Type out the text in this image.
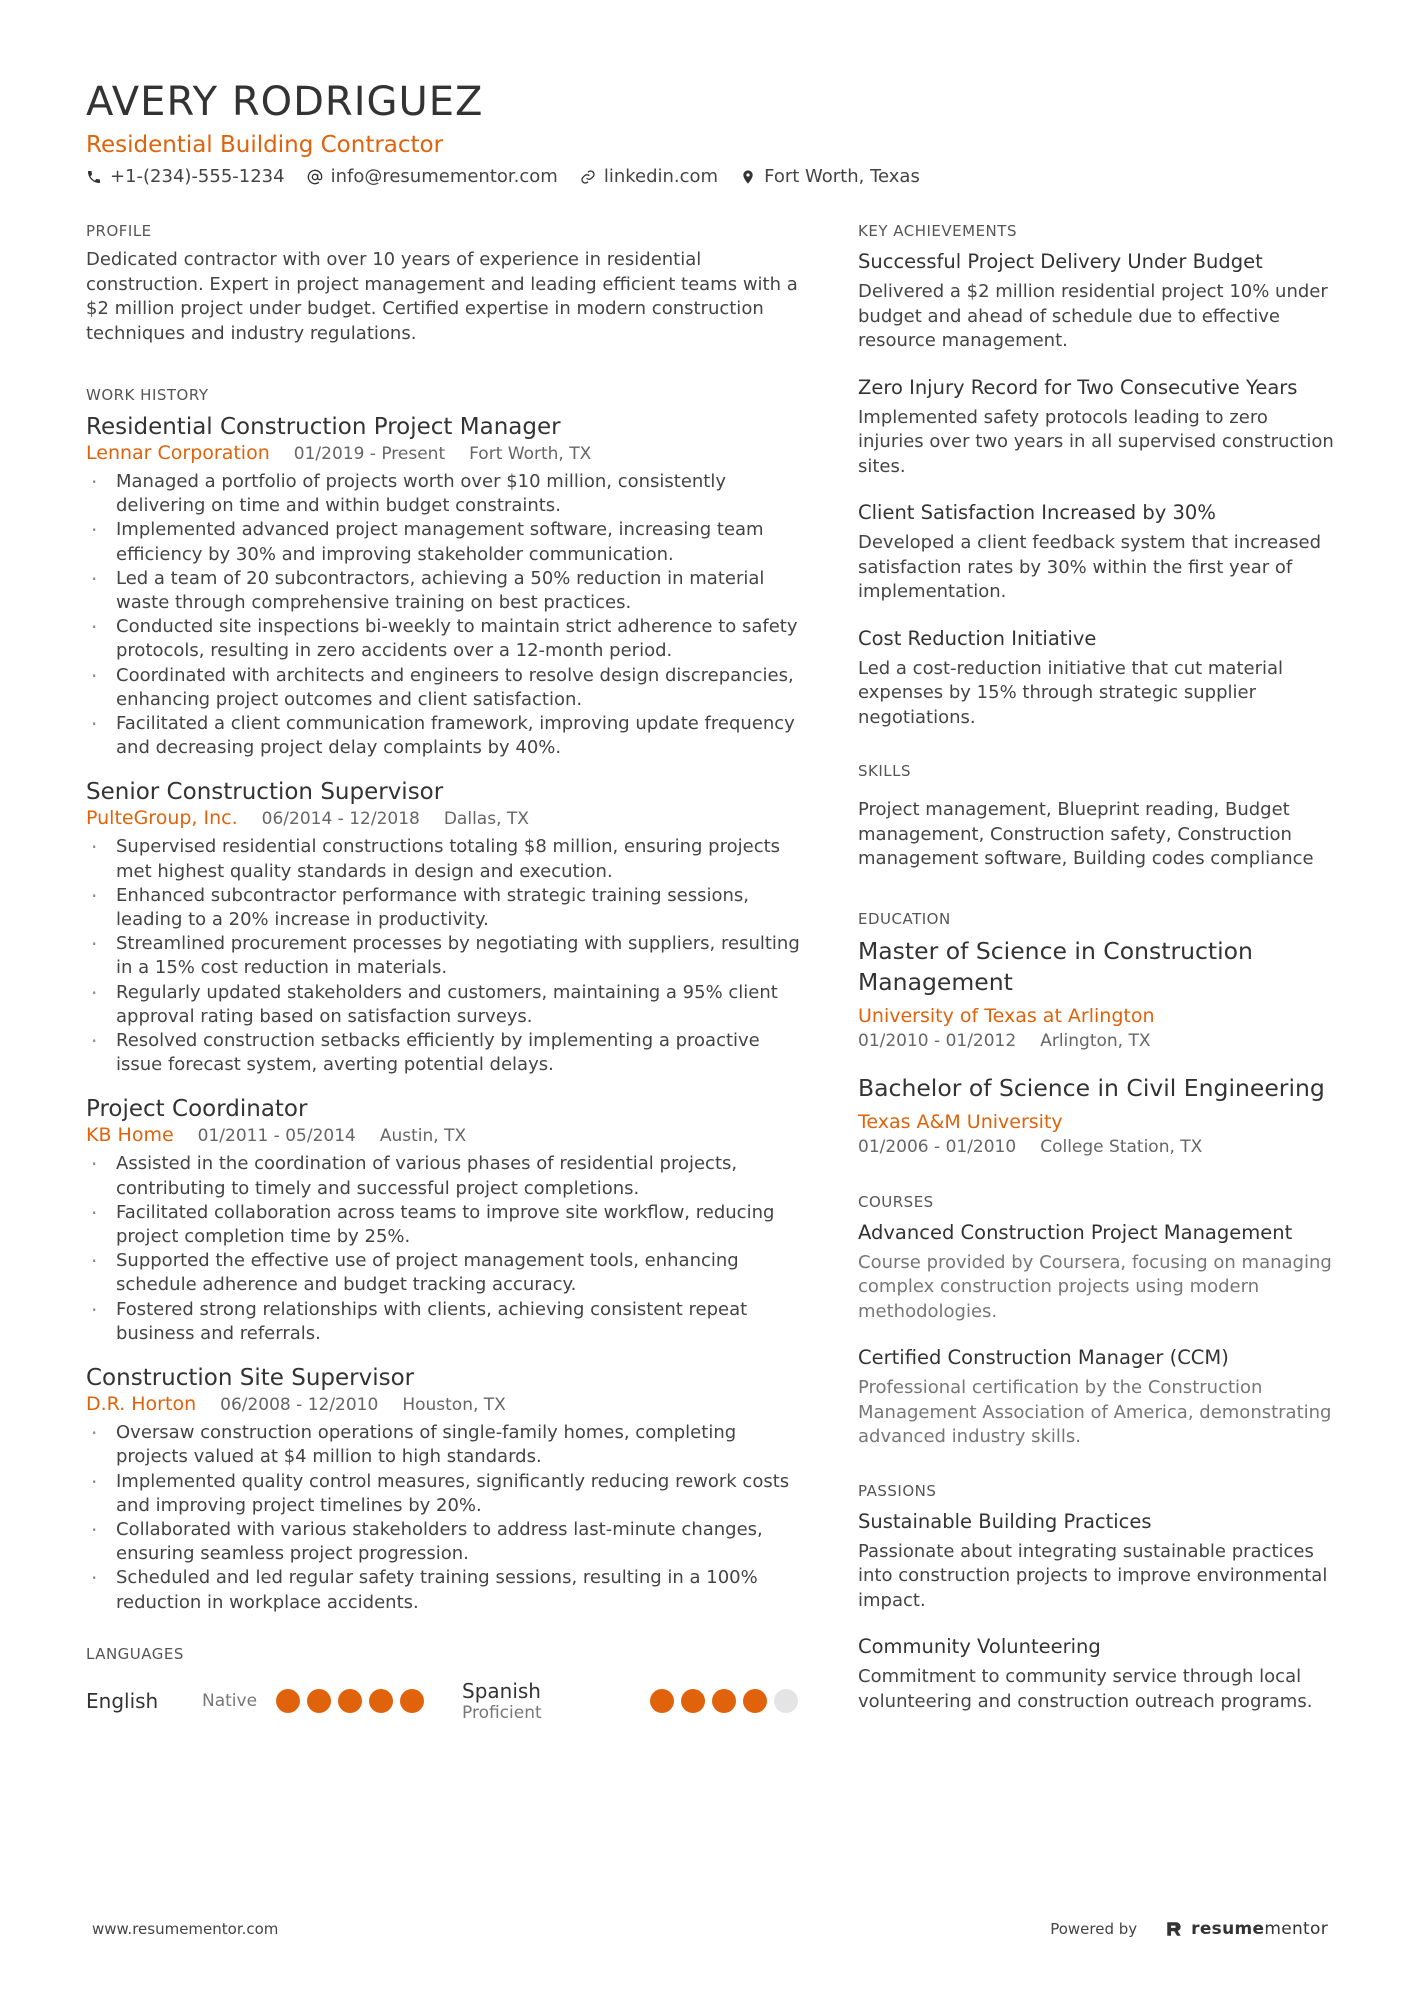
AVERY RODRIGUEZ
Residential Building Contractor
+1-(234)-555-1234	info@resumementor.com	linkedin.com	Fort Worth, Texas
PROFILE
Dedicated contractor with over 10 years of experience in residential construction. Expert in project management and leading efficient teams with a $2 million project under budget. Certified expertise in modern construction techniques and industry regulations.
WORK HISTORY
Residential Construction Project Manager
Lennar Corporation 01/2019 - Present Fort Worth, TX
· Managed a portfolio of projects worth over $10 million, consistently delivering on time and within budget constraints.
· Implemented advanced project management software, increasing team efficiency by 30% and improving stakeholder communication.
· Led a team of 20 subcontractors, achieving a 50% reduction in material waste through comprehensive training on best practices.
· Conducted site inspections bi-weekly to maintain strict adherence to safety protocols, resulting in zero accidents over a 12-month period.
· Coordinated with architects and engineers to resolve design discrepancies, enhancing project outcomes and client satisfaction.
· Facilitated a client communication framework, improving update frequency and decreasing project delay complaints by 40%.
Senior Construction Supervisor
PulteGroup, Inc. 06/2014 - 12/2018 Dallas, TX
· Supervised residential constructions totaling $8 million, ensuring projects met highest quality standards in design and execution.
· Enhanced subcontractor performance with strategic training sessions, leading to a 20% increase in productivity.
· Streamlined procurement processes by negotiating with suppliers, resulting in a 15% cost reduction in materials.
· Regularly updated stakeholders and customers, maintaining a 95% client approval rating based on satisfaction surveys.
· Resolved construction setbacks efficiently by implementing a proactive issue forecast system, averting potential delays.
Project Coordinator
KB Home 01/2011 - 05/2014 Austin, TX
· Assisted in the coordination of various phases of residential projects, contributing to timely and successful project completions.
· Facilitated collaboration across teams to improve site workflow, reducing project completion time by 25%.
· Supported the effective use of project management tools, enhancing schedule adherence and budget tracking accuracy.
· Fostered strong relationships with clients, achieving consistent repeat business and referrals.
Construction Site Supervisor
D.R. Horton 06/2008 - 12/2010 Houston, TX
· Oversaw construction operations of single-family homes, completing projects valued at $4 million to high standards.
· Implemented quality control measures, significantly reducing rework costs and improving project timelines by 20%.
· Collaborated with various stakeholders to address last-minute changes, ensuring seamless project progression.
· Scheduled and led regular safety training sessions, resulting in a 100% reduction in workplace accidents.
LANGUAGES
English	Native	Spanish
Proficient
KEY ACHIEVEMENTS
Successful Project Delivery Under Budget
Delivered a $2 million residential project 10% under budget and ahead of schedule due to effective resource management.
Zero Injury Record for Two Consecutive Years
Implemented safety protocols leading to zero injuries over two years in all supervised construction sites.
Client Satisfaction Increased by 30%
Developed a client feedback system that increased satisfaction rates by 30% within the first year of implementation.
Cost Reduction Initiative
Led a cost-reduction initiative that cut material expenses by 15% through strategic supplier negotiations.
SKILLS
Project management, Blueprint reading, Budget management, Construction safety, Construction management software, Building codes compliance
EDUCATION
Master of Science in Construction Management
University of Texas at Arlington
01/2010 - 01/2012 Arlington, TX
Bachelor of Science in Civil Engineering
Texas A&M University
01/2006 - 01/2010 College Station, TX
COURSES
Advanced Construction Project Management
Course provided by Coursera, focusing on managing complex construction projects using modern methodologies.
Certified Construction Manager (CCM)
Professional certification by the Construction Management Association of America, demonstrating advanced industry skills.
PASSIONS
Sustainable Building Practices
Passionate about integrating sustainable practices into construction projects to improve environmental impact.
Community Volunteering
Commitment to community service through local volunteering and construction outreach programs.
www.resumementor.com	Powered by	resume mentor
